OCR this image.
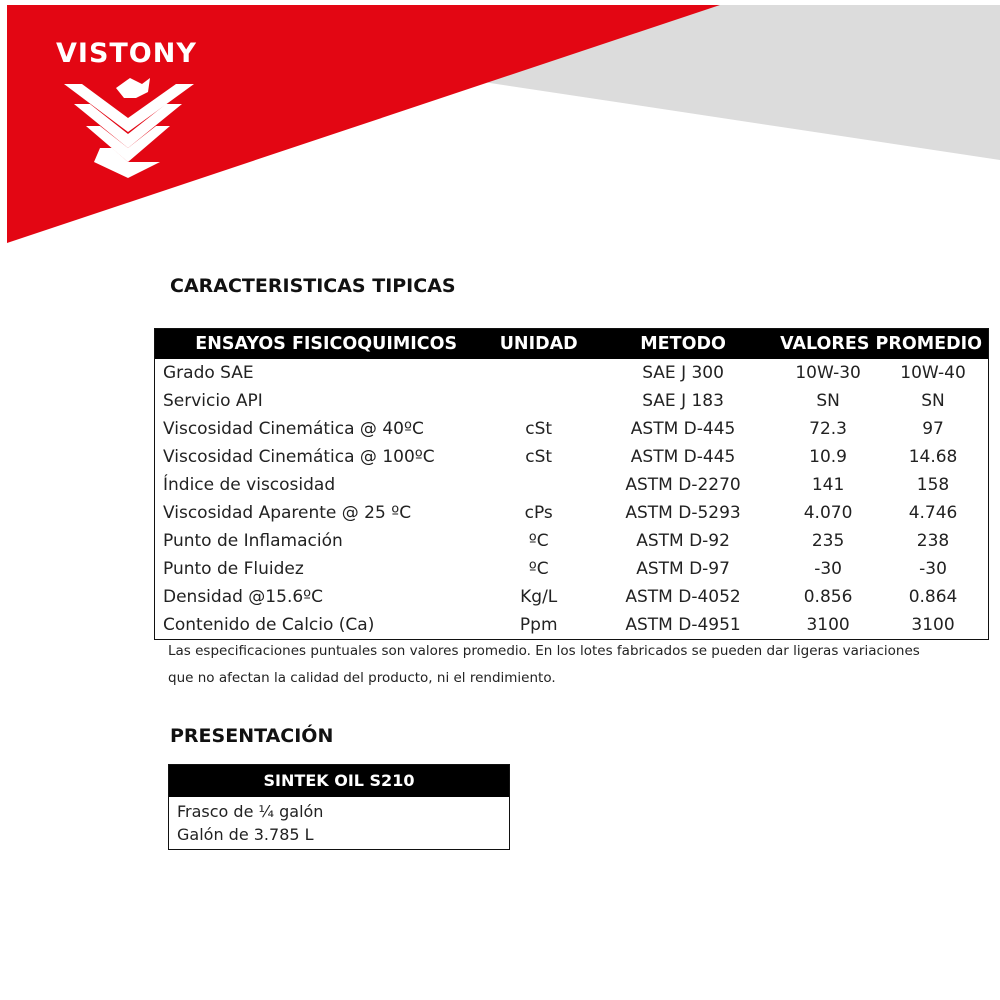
VISTONY
CARACTERISTICAS TIPICAS
ENSAYOS FISICOQUIMICOS	UNIDAD	METODO	VALORES PROMEDIO	
Grado SAE		SAE J 300	10W-30	10W-40
Servicio API		SAE J 183	SN	SN
Viscosidad Cinemática @ 40ºC	cSt	ASTM D-445	72.3	97
Viscosidad Cinemática @ 100ºC	cSt	ASTM D-445	10.9	14.68
Índice de viscosidad		ASTM D-2270	141	158
Viscosidad Aparente @ 25 ºC	cPs	ASTM D-5293	4.070	4.746
Punto de Inflamación	ºC	ASTM D-92	235	238
Punto de Fluidez	ºC	ASTM D-97	-30	-30
Densidad @15.6ºC	Kg/L	ASTM D-4052	0.856	0.864
Contenido de Calcio (Ca)	Ppm	ASTM D-4951	3100	3100

Las especificaciones puntuales son valores promedio. En los lotes fabricados se pueden dar ligeras variaciones
que no afectan la calidad del producto, ni el rendimiento.

PRESENTACIÓN
SINTEK OIL S210
Frasco de ¼ galón
Galón de 3.785 L
